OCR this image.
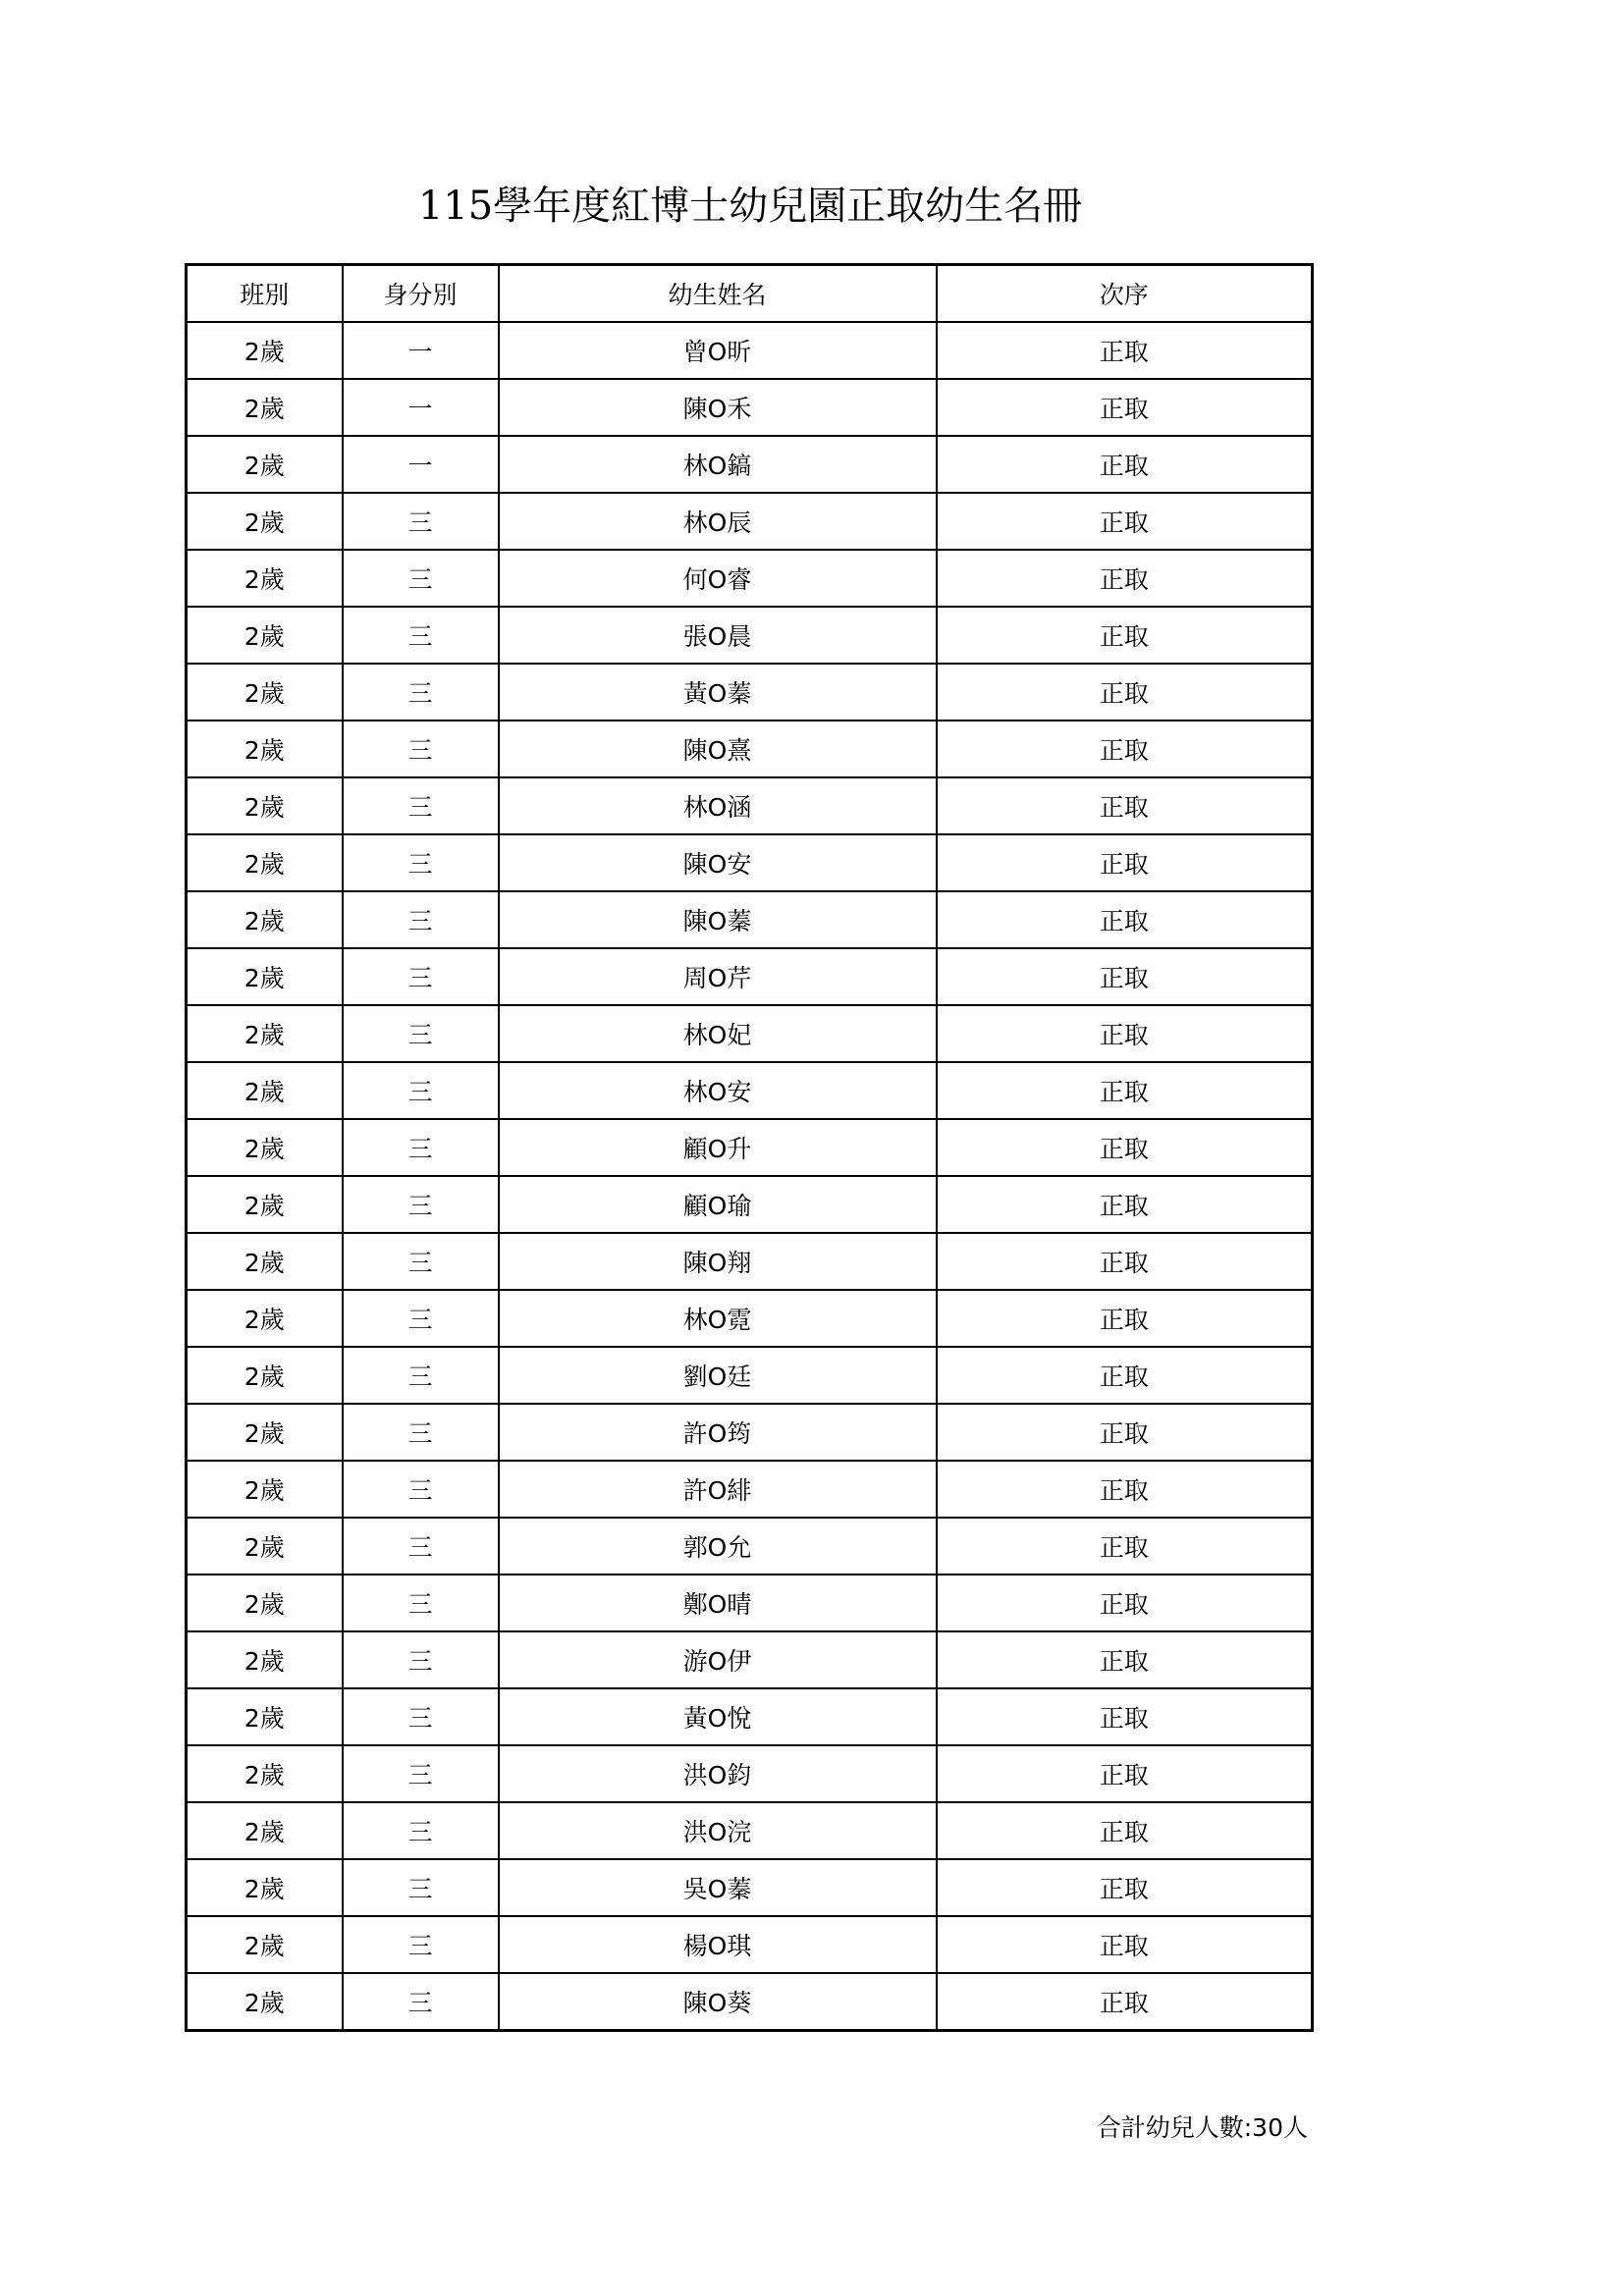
115學年度紅博士幼兒園正取幼生名冊
班別	身分別	幼生姓名	次序
2歲	一	曾O昕	正取
2歲	一	陳O禾	正取
2歲	一	林O鎬	正取
2歲	三	林O辰	正取
2歲	三	何O睿	正取
2歲	三	張O晨	正取
2歲	三	黃O蓁	正取
2歲	三	陳O熹	正取
2歲	三	林O涵	正取
2歲	三	陳O安	正取
2歲	三	陳O蓁	正取
2歲	三	周O芹	正取
2歲	三	林O妃	正取
2歲	三	林O安	正取
2歲	三	顧O升	正取
2歲	三	顧O瑜	正取
2歲	三	陳O翔	正取
2歲	三	林O霓	正取
2歲	三	劉O廷	正取
2歲	三	許O筠	正取
2歲	三	許O緋	正取
2歲	三	郭O允	正取
2歲	三	鄭O晴	正取
2歲	三	游O伊	正取
2歲	三	黃O悅	正取
2歲	三	洪O鈞	正取
2歲	三	洪O浣	正取
2歲	三	吳O蓁	正取
2歲	三	楊O琪	正取
2歲	三	陳O葵	正取
合計幼兒人數:30人
